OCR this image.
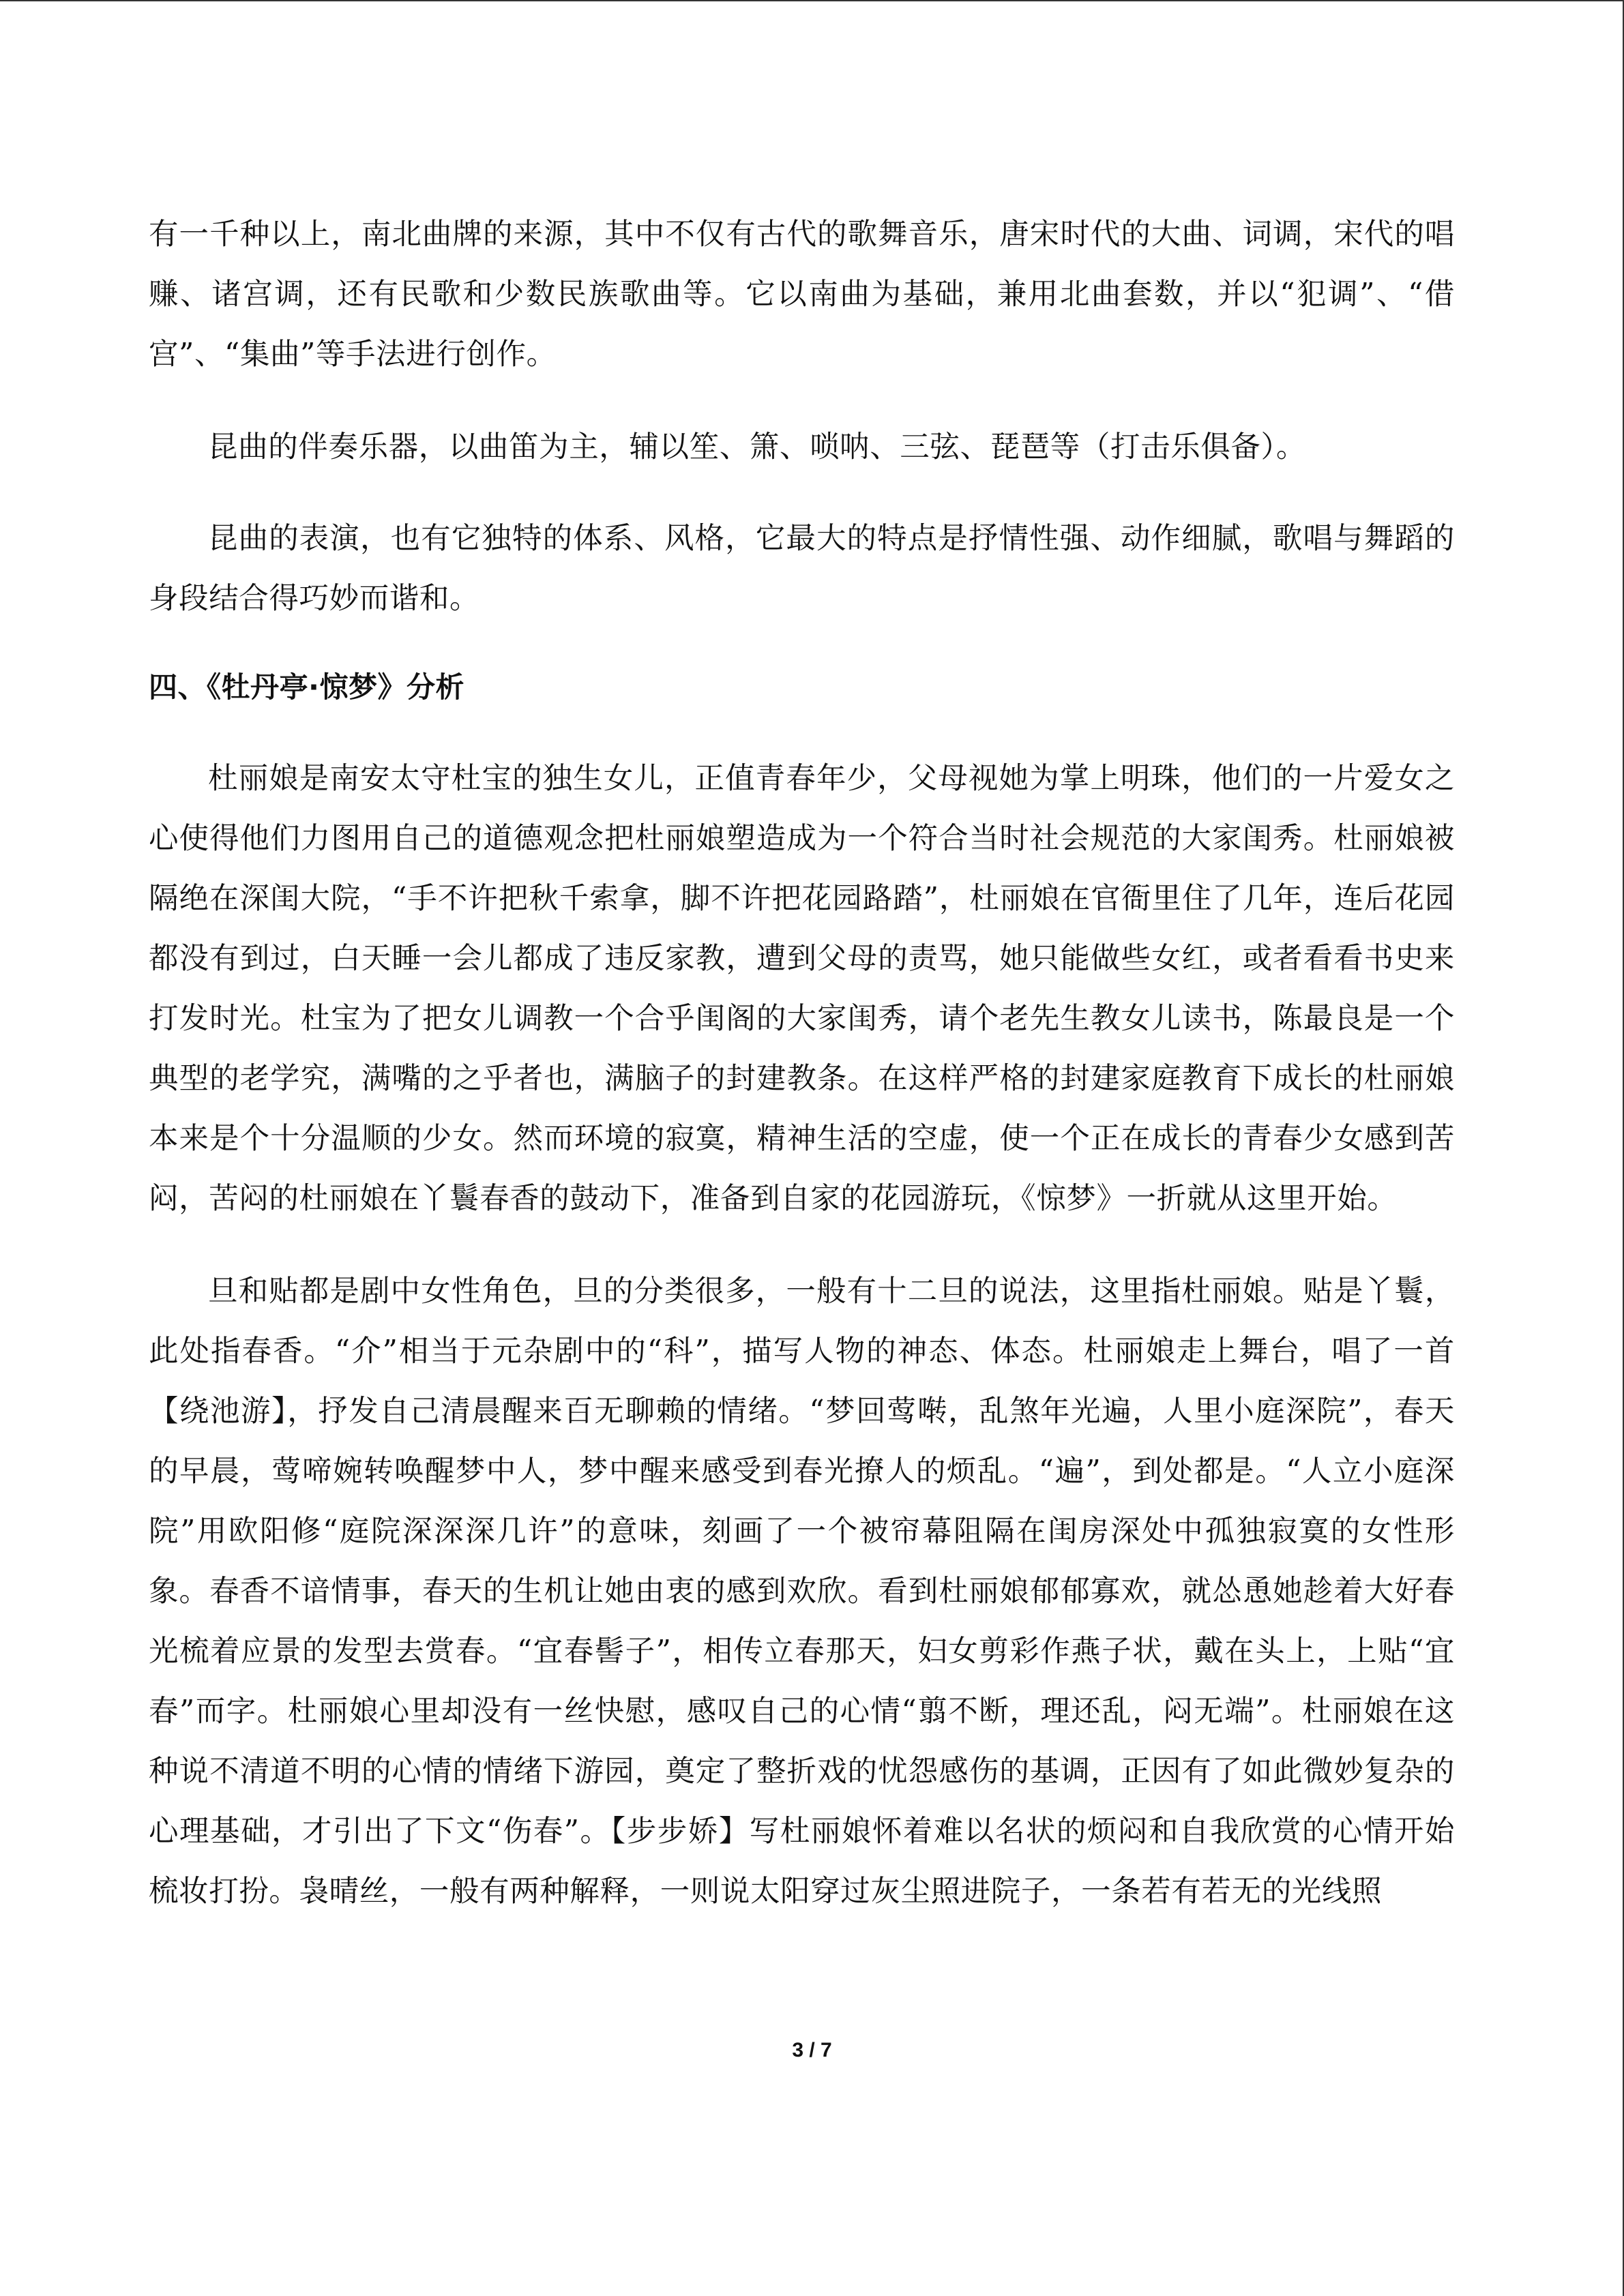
有一千种以上，南北曲牌的来源，其中不仅有古代的歌舞音乐，唐宋时代的大曲、词调，宋代的唱赚、诸宫调，还有民歌和少数民族歌曲等。它以南曲为基础，兼用北曲套数，并以“犯调”、“借宫”、“集曲”等手法进行创作。

昆曲的伴奏乐器，以曲笛为主，辅以笙、箫、唢呐、三弦、琵琶等（打击乐俱备）。

昆曲的表演，也有它独特的体系、风格，它最大的特点是抒情性强、动作细腻，歌唱与舞蹈的身段结合得巧妙而谐和。

四、《牡丹亭·惊梦》分析

杜丽娘是南安太守杜宝的独生女儿，正值青春年少，父母视她为掌上明珠，他们的一片爱女之心使得他们力图用自己的道德观念把杜丽娘塑造成为一个符合当时社会规范的大家闺秀。杜丽娘被隔绝在深闺大院，“手不许把秋千索拿，脚不许把花园路踏”，杜丽娘在官衙里住了几年，连后花园都没有到过，白天睡一会儿都成了违反家教，遭到父母的责骂，她只能做些女红，或者看看书史来打发时光。杜宝为了把女儿调教一个合乎闺阁的大家闺秀，请个老先生教女儿读书，陈最良是一个典型的老学究，满嘴的之乎者也，满脑子的封建教条。在这样严格的封建家庭教育下成长的杜丽娘本来是个十分温顺的少女。然而环境的寂寞，精神生活的空虚，使一个正在成长的青春少女感到苦闷，苦闷的杜丽娘在丫鬟春香的鼓动下，准备到自家的花园游玩，《惊梦》一折就从这里开始。

旦和贴都是剧中女性角色，旦的分类很多，一般有十二旦的说法，这里指杜丽娘。贴是丫鬟，此处指春香。“介”相当于元杂剧中的“科”，描写人物的神态、体态。杜丽娘走上舞台，唱了一首【绕池游】，抒发自己清晨醒来百无聊赖的情绪。“梦回莺啭，乱煞年光遍，人里小庭深院”，春天的早晨，莺啼婉转唤醒梦中人，梦中醒来感受到春光撩人的烦乱。“遍”，到处都是。“人立小庭深院”用欧阳修“庭院深深深几许”的意味，刻画了一个被帘幕阻隔在闺房深处中孤独寂寞的女性形象。春香不谙情事，春天的生机让她由衷的感到欢欣。看到杜丽娘郁郁寡欢，就怂恿她趁着大好春光梳着应景的发型去赏春。“宜春髻子”，相传立春那天，妇女剪彩作燕子状，戴在头上，上贴“宜春”而字。杜丽娘心里却没有一丝快慰，感叹自己的心情“翦不断，理还乱，闷无端”。杜丽娘在这种说不清道不明的心情的情绪下游园，奠定了整折戏的忧怨感伤的基调，正因有了如此微妙复杂的心理基础，才引出了下文“伤春”。【步步娇】写杜丽娘怀着难以名状的烦闷和自我欣赏的心情开始梳妆打扮。袅晴丝，一般有两种解释，一则说太阳穿过灰尘照进院子，一条若有若无的光线照

3 / 7
